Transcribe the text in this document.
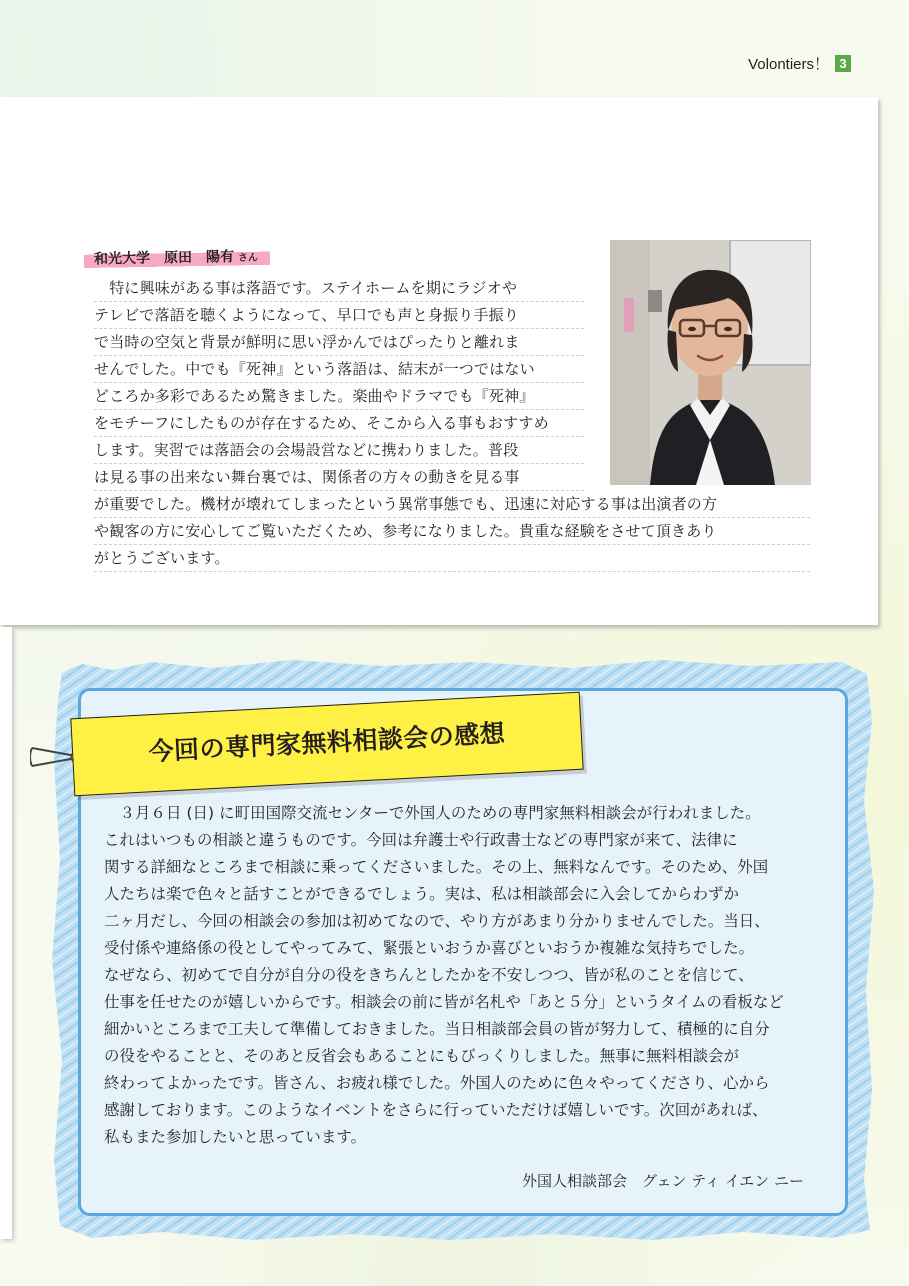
Volontiers！ 3
和光大学　原田　陽有 さん
　特に興味がある事は落語です。ステイホームを期にラジオや
テレビで落語を聴くようになって、早口でも声と身振り手振り
で当時の空気と背景が鮮明に思い浮かんではぴったりと離れま
せんでした。中でも『死神』という落語は、結末が一つではない
どころか多彩であるため驚きました。楽曲やドラマでも『死神』
をモチーフにしたものが存在するため、そこから入る事もおすすめ
します。実習では落語会の会場設営などに携わりました。普段
は見る事の出来ない舞台裏では、関係者の方々の動きを見る事
が重要でした。機材が壊れてしまったという異常事態でも、迅速に対応する事は出演者の方
や観客の方に安心してご覧いただくため、参考になりました。貴重な経験をさせて頂きあり
がとうございます。
今回の専門家無料相談会の感想
　３月６日 (日) に町田国際交流センターで外国人のための専門家無料相談会が行われました。
これはいつもの相談と違うものです。今回は弁護士や行政書士などの専門家が来て、法律に
関する詳細なところまで相談に乗ってくださいました。その上、無料なんです。そのため、外国
人たちは楽で色々と話すことができるでしょう。実は、私は相談部会に入会してからわずか
二ヶ月だし、今回の相談会の参加は初めてなので、やり方があまり分かりませんでした。当日、
受付係や連絡係の役としてやってみて、緊張といおうか喜びといおうか複雑な気持ちでした。
なぜなら、初めてで自分が自分の役をきちんとしたかを不安しつつ、皆が私のことを信じて、
仕事を任せたのが嬉しいからです。相談会の前に皆が名札や「あと５分」というタイムの看板など
細かいところまで工夫して準備しておきました。当日相談部会員の皆が努力して、積極的に自分
の役をやることと、そのあと反省会もあることにもびっくりしました。無事に無料相談会が
終わってよかったです。皆さん、お疲れ様でした。外国人のために色々やってくださり、心から
感謝しております。このようなイベントをさらに行っていただけば嬉しいです。次回があれば、
私もまた参加したいと思っています。
外国人相談部会　グェン ティ イエン ニー
